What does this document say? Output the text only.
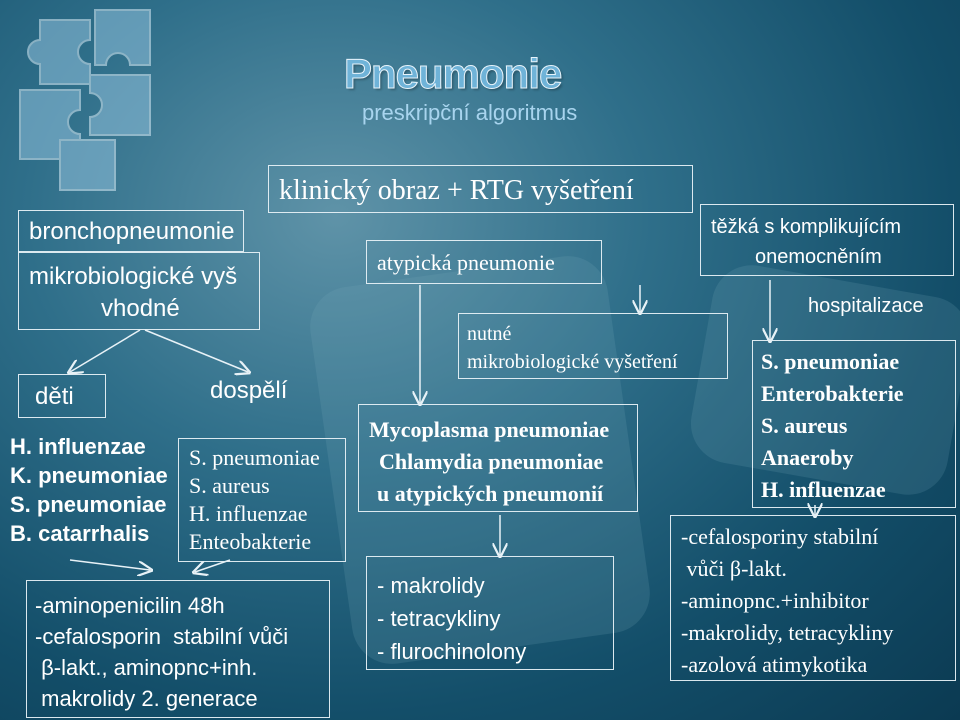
Pneumonie
preskripční algoritmus
klinický obraz + RTG vyšetření
bronchopneumonie
mikrobiologické vyš
vhodné
děti	dospělí
H. influenzae
K. pneumoniae
S. pneumoniae
B. catarrhalis
S. pneumoniae
S. aureus
H. influenzae
Enteobakterie
-aminopenicilin 48h
-cefalosporin  stabilní vůči
β-lakt., aminopnc+inh.
makrolidy 2. generace
atypická pneumonie
nutné
mikrobiologické vyšetření
Mycoplasma pneumoniae
Chlamydia pneumoniae
u atypických pneumonií
- makrolidy
- tetracykliny
- flurochinolony
těžká s komplikujícím
onemocněním
hospitalizace
S. pneumoniae
Enterobakterie
S. aureus
Anaeroby
H. influenzae
-cefalosporiny stabilní
vůči β-lakt.
-aminopnc.+inhibitor
-makrolidy, tetracykliny
-azolová atimykotika
